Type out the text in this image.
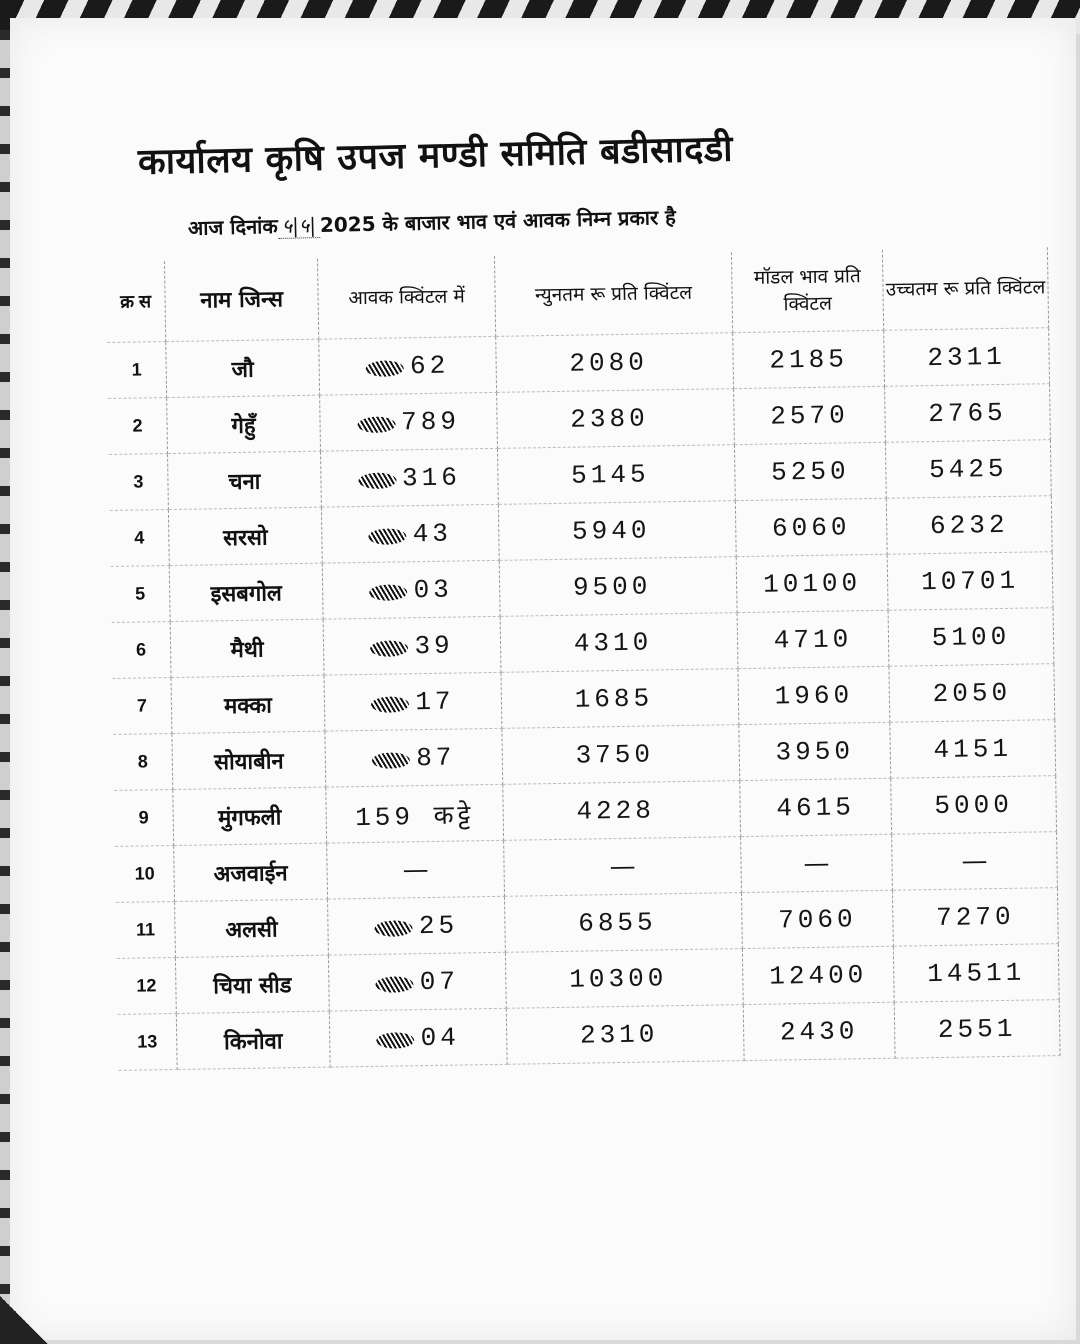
कार्यालय कृषि उपज मण्डी समिति बडीसादडी
आज दिनांक ५|५| 2025 के बाजार भाव एवं आवक निम्न प्रकार है
क्र स	नाम जिन्स	आवक क्विंटल में	न्युनतम रू प्रति क्विंटल	मॉडल भाव प्रति क्विंटल	उच्चतम रू प्रति क्विंटल
1	जौ	62	2080	2185	2311
2	गेहुँ	789	2380	2570	2765
3	चना	316	5145	5250	5425
4	सरसो	43	5940	6060	6232
5	इसबगोल	03	9500	10100	10701
6	मैथी	39	4310	4710	5100
7	मक्का	17	1685	1960	2050
8	सोयाबीन	87	3750	3950	4151
9	मुंगफली	159 कट्टे	4228	4615	5000
10	अजवाईन	—	—	—	—
11	अलसी	25	6855	7060	7270
12	चिया सीड	07	10300	12400	14511
13	किनोवा	04	2310	2430	2551
